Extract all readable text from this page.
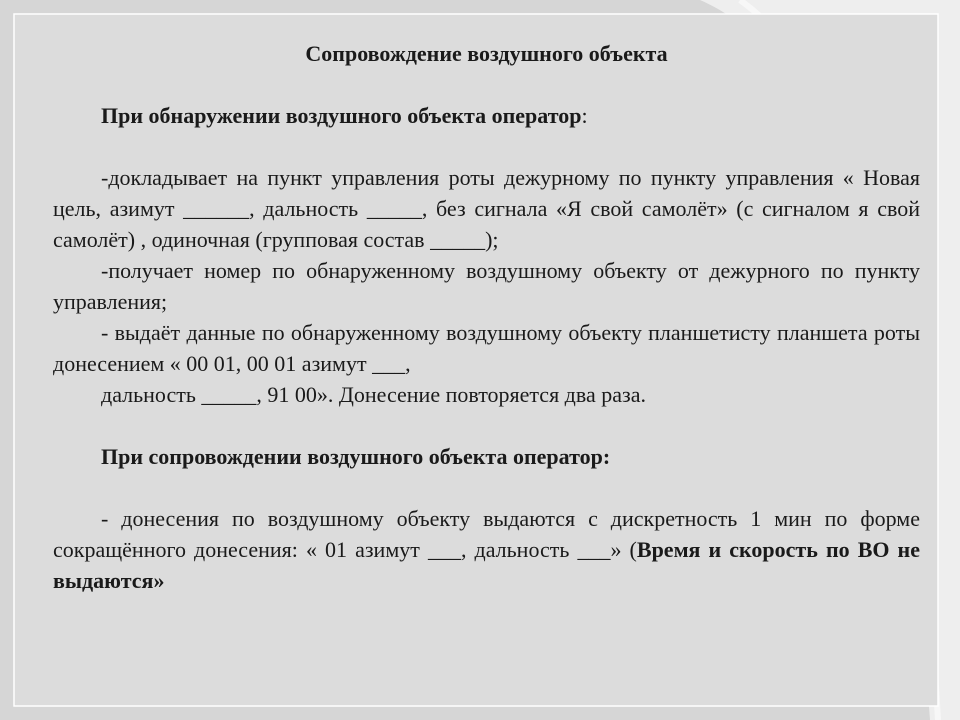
Сопровождение воздушного объекта

При обнаружении воздушного объекта оператор:

-докладывает на пункт управления роты дежурному по пункту управления « Новая цель, азимут ______, дальность _____, без сигнала «Я свой самолёт» (с сигналом я свой самолёт) , одиночная (групповая состав _____);

-получает номер по обнаруженному воздушному объекту от дежурного по пункту управления;

- выдаёт данные по обнаруженному воздушному объекту планшетисту планшета роты донесением « 00 01, 00 01 азимут ___,

дальность _____, 91 00». Донесение повторяется два раза.

При сопровождении воздушного объекта оператор:

- донесения по воздушному объекту выдаются с дискретность 1 мин по форме сокращённого донесения: « 01 азимут ___, дальность ___» (Время и скорость по ВО не выдаются»
